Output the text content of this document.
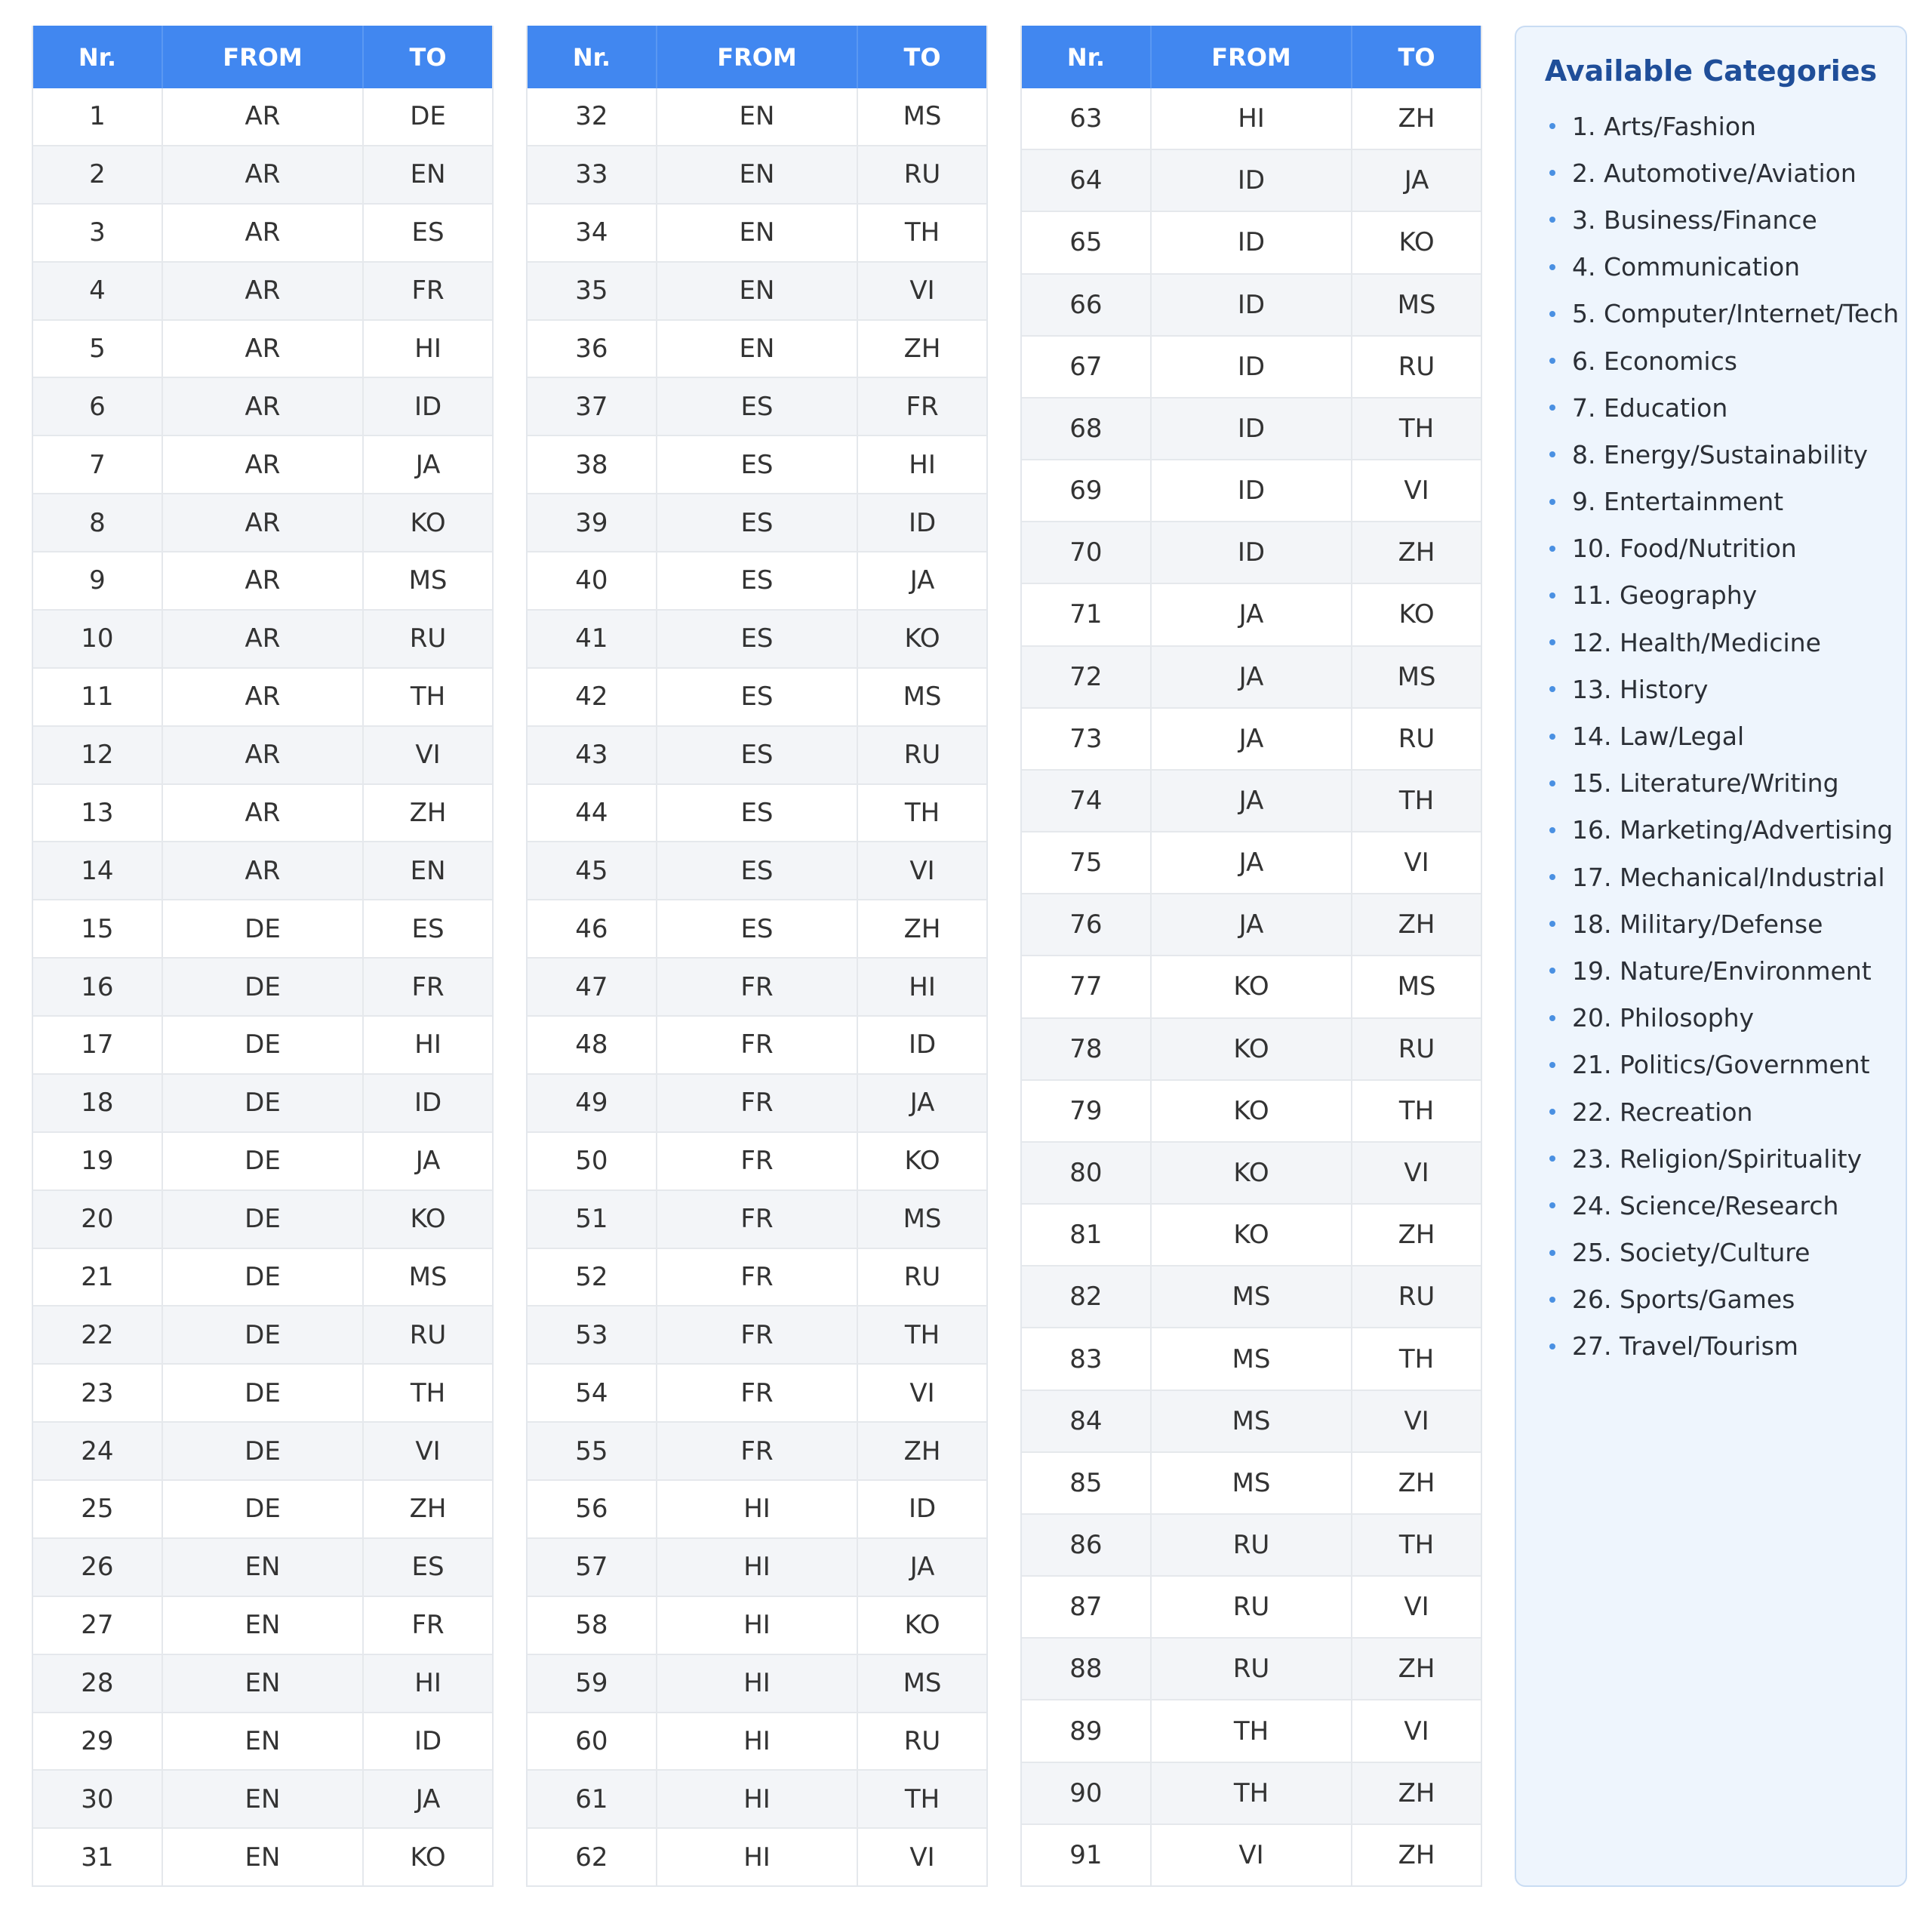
Nr.	FROM	TO
1	AR	DE
2	AR	EN
3	AR	ES
4	AR	FR
5	AR	HI
6	AR	ID
7	AR	JA
8	AR	KO
9	AR	MS
10	AR	RU
11	AR	TH
12	AR	VI
13	AR	ZH
14	AR	EN
15	DE	ES
16	DE	FR
17	DE	HI
18	DE	ID
19	DE	JA
20	DE	KO
21	DE	MS
22	DE	RU
23	DE	TH
24	DE	VI
25	DE	ZH
26	EN	ES
27	EN	FR
28	EN	HI
29	EN	ID
30	EN	JA
31	EN	KO
Nr.	FROM	TO
32	EN	MS
33	EN	RU
34	EN	TH
35	EN	VI
36	EN	ZH
37	ES	FR
38	ES	HI
39	ES	ID
40	ES	JA
41	ES	KO
42	ES	MS
43	ES	RU
44	ES	TH
45	ES	VI
46	ES	ZH
47	FR	HI
48	FR	ID
49	FR	JA
50	FR	KO
51	FR	MS
52	FR	RU
53	FR	TH
54	FR	VI
55	FR	ZH
56	HI	ID
57	HI	JA
58	HI	KO
59	HI	MS
60	HI	RU
61	HI	TH
62	HI	VI
Nr.	FROM	TO
63	HI	ZH
64	ID	JA
65	ID	KO
66	ID	MS
67	ID	RU
68	ID	TH
69	ID	VI
70	ID	ZH
71	JA	KO
72	JA	MS
73	JA	RU
74	JA	TH
75	JA	VI
76	JA	ZH
77	KO	MS
78	KO	RU
79	KO	TH
80	KO	VI
81	KO	ZH
82	MS	RU
83	MS	TH
84	MS	VI
85	MS	ZH
86	RU	TH
87	RU	VI
88	RU	ZH
89	TH	VI
90	TH	ZH
91	VI	ZH
Available Categories
1. Arts/Fashion
2. Automotive/Aviation
3. Business/Finance
4. Communication
5. Computer/Internet/Tech
6. Economics
7. Education
8. Energy/Sustainability
9. Entertainment
10. Food/Nutrition
11. Geography
12. Health/Medicine
13. History
14. Law/Legal
15. Literature/Writing
16. Marketing/Advertising
17. Mechanical/Industrial
18. Military/Defense
19. Nature/Environment
20. Philosophy
21. Politics/Government
22. Recreation
23. Religion/Spirituality
24. Science/Research
25. Society/Culture
26. Sports/Games
27. Travel/Tourism
